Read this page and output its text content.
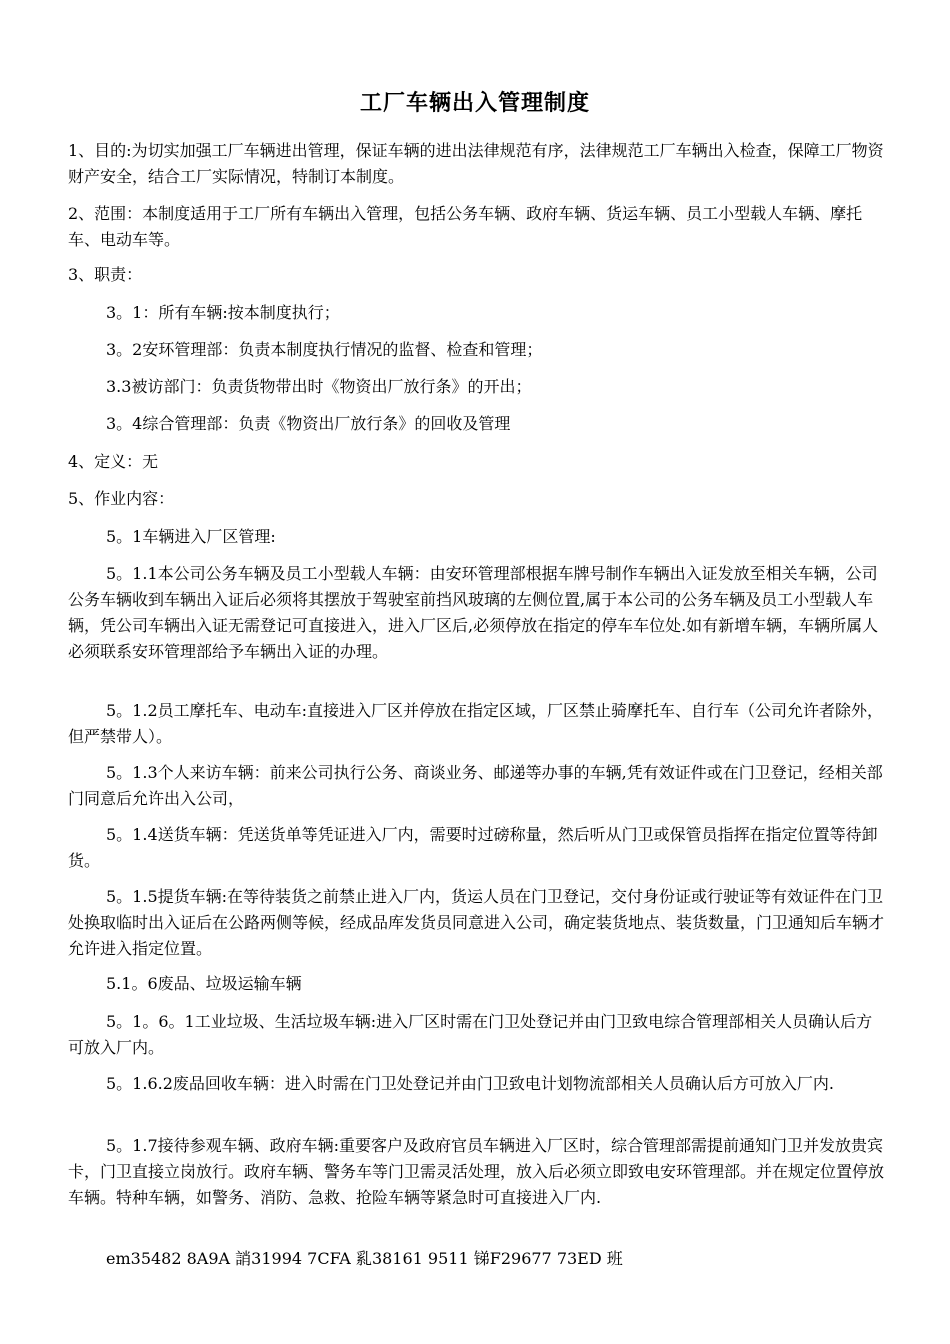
工厂车辆出入管理制度

1、目的:为切实加强工厂车辆进出管理，保证车辆的进出法律规范有序，法律规范工厂车辆出入检查，保障工厂物资财产安全，结合工厂实际情况，特制订本制度。

2、范围：本制度适用于工厂所有车辆出入管理，包括公务车辆、政府车辆、货运车辆、员工小型载人车辆、摩托车、电动车等。

3、职责：

3。1：所有车辆:按本制度执行；

3。2安环管理部：负责本制度执行情况的监督、检查和管理；

3.3被访部门：负责货物带出时《物资出厂放行条》的开出；

3。4综合管理部：负责《物资出厂放行条》的回收及管理

4、定义：无

5、作业内容：

5。1车辆进入厂区管理:

5。1.1本公司公务车辆及员工小型载人车辆：由安环管理部根据车牌号制作车辆出入证发放至相关车辆，公司公务车辆收到车辆出入证后必须将其摆放于驾驶室前挡风玻璃的左侧位置,属于本公司的公务车辆及员工小型载人车辆，凭公司车辆出入证无需登记可直接进入，进入厂区后,必须停放在指定的停车车位处.如有新增车辆，车辆所属人必须联系安环管理部给予车辆出入证的办理。

5。1.2员工摩托车、电动车:直接进入厂区并停放在指定区域，厂区禁止骑摩托车、自行车（公司允许者除外，但严禁带人）。

5。1.3个人来访车辆：前来公司执行公务、商谈业务、邮递等办事的车辆,凭有效证件或在门卫登记，经相关部门同意后允许出入公司，

5。1.4送货车辆：凭送货单等凭证进入厂内，需要时过磅称量，然后听从门卫或保管员指挥在指定位置等待卸货。

5。1.5提货车辆:在等待装货之前禁止进入厂内，货运人员在门卫登记，交付身份证或行驶证等有效证件在门卫处换取临时出入证后在公路两侧等候，经成品库发货员同意进入公司，确定装货地点、装货数量，门卫通知后车辆才允许进入指定位置。

5.1。6废品、垃圾运输车辆

5。1。6。1工业垃圾、生活垃圾车辆:进入厂区时需在门卫处登记并由门卫致电综合管理部相关人员确认后方可放入厂内。

5。1.6.2废品回收车辆：进入时需在门卫处登记并由门卫致电计划物流部相关人员确认后方可放入厂内.

5。1.7接待参观车辆、政府车辆:重要客户及政府官员车辆进入厂区时，综合管理部需提前通知门卫并发放贵宾卡，门卫直接立岗放行。政府车辆、警务车等门卫需灵活处理，放入后必须立即致电安环管理部。并在规定位置停放车辆。特种车辆，如警务、消防、急救、抢险车辆等紧急时可直接进入厂内.

em35482 8A9A 誚31994 7CFA 乿38161 9511 锑F29677 73ED 班
